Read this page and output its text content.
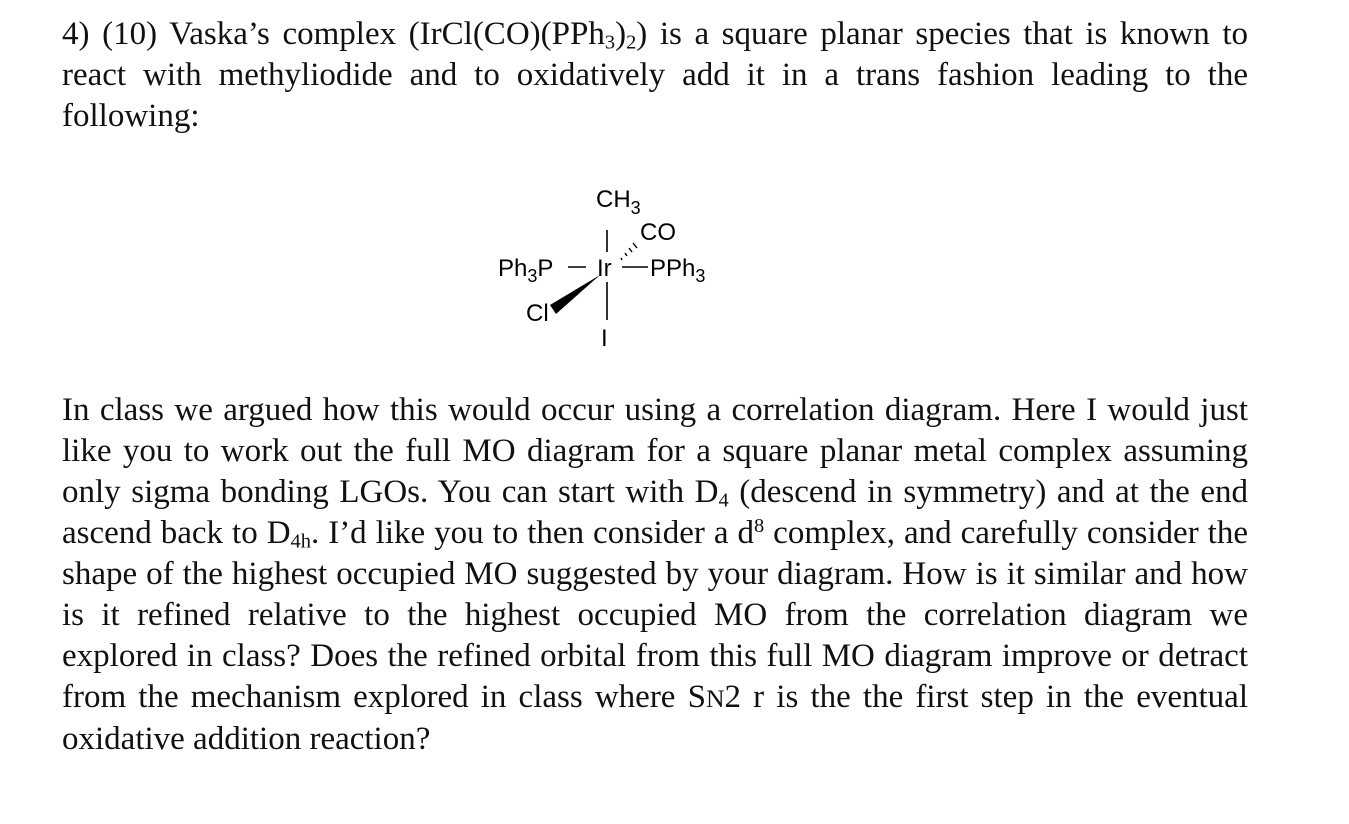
4) (10) Vaska’s complex $(IrCl(CO)(PPh_3)_2)$ is a square planar species that is known to react with methyliodide and to oxidatively add it in a trans fashion leading to the following:

$CH_3$
CO
Ir
$Ph_3P$	PPh$_3$
Cl
I

In class we argued how this would occur using a correlation diagram. Here I would just like you to work out the full MO diagram for a square planar metal complex assuming only sigma bonding LGOs. You can start with $D_4$ (descend in symmetry) and at the end ascend back to $D_{4h}$. I’d like you to then consider a $d^8$ complex, and carefully consider the shape of the highest occupied MO suggested by your diagram. How is it similar and how is it refined relative to the highest occupied MO from the correlation diagram we explored in class? Does the refined orbital from this full MO diagram improve or detract from the mechanism explored in class where SN2 r is the the first step in the eventual oxidative addition reaction?
